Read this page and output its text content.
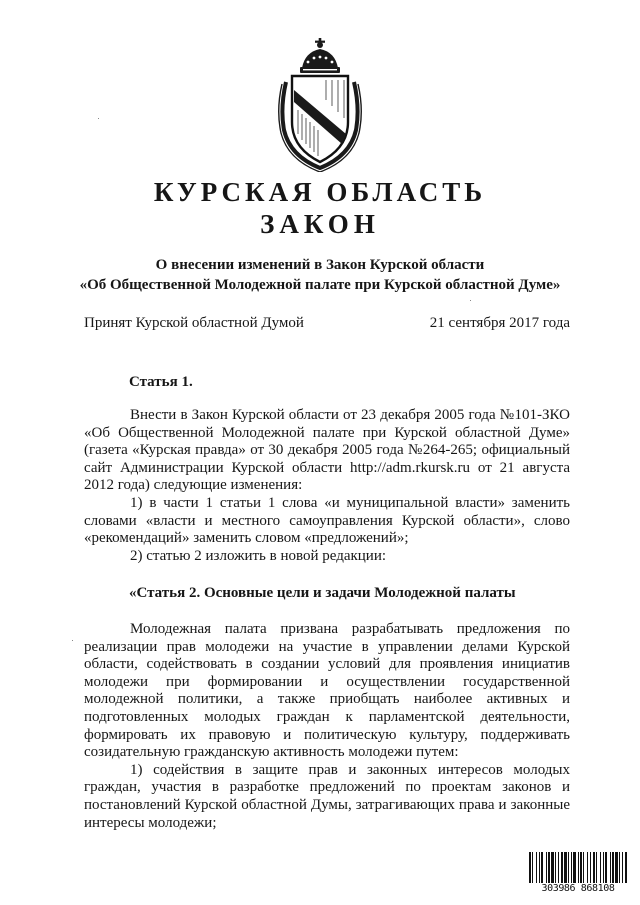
КУРСКАЯ ОБЛАСТЬ
ЗАКОН
О внесении изменений в Закон Курской области
«Об Общественной Молодежной палате при Курской областной Думе»
Принят Курской областной Думой	21 сентября 2017 года
Статья 1.

Внести в Закон Курской области от 23 декабря 2005 года №101-ЗКО «Об Общественной Молодежной палате при Курской областной Думе» (газета «Курская правда» от 30 декабря 2005 года №264-265; официальный сайт Администрации Курской области http://adm.rkursk.ru от 21 августа 2012 года) следующие изменения:

1) в части 1 статьи 1 слова «и муниципальной власти» заменить словами «власти и местного самоуправления Курской области», слово «рекомендаций» заменить словом «предложений»;

2) статью 2 изложить в новой редакции:

«Статья 2. Основные цели и задачи Молодежной палаты

Молодежная палата призвана разрабатывать предложения по реализации прав молодежи на участие в управлении делами Курской области, содействовать в создании условий для проявления инициатив молодежи при формировании и осуществлении государственной молодежной политики, а также приобщать наиболее активных и подготовленных молодых граждан к парламентской деятельности, формировать их правовую и политическую культуру, поддерживать созидательную гражданскую активность молодежи путем:

1) содействия в защите прав и законных интересов молодых граждан, участия в разработке предложений по проектам законов и постановлений Курской областной Думы, затрагивающих права и законные интересы молодежи;

303986 868108
